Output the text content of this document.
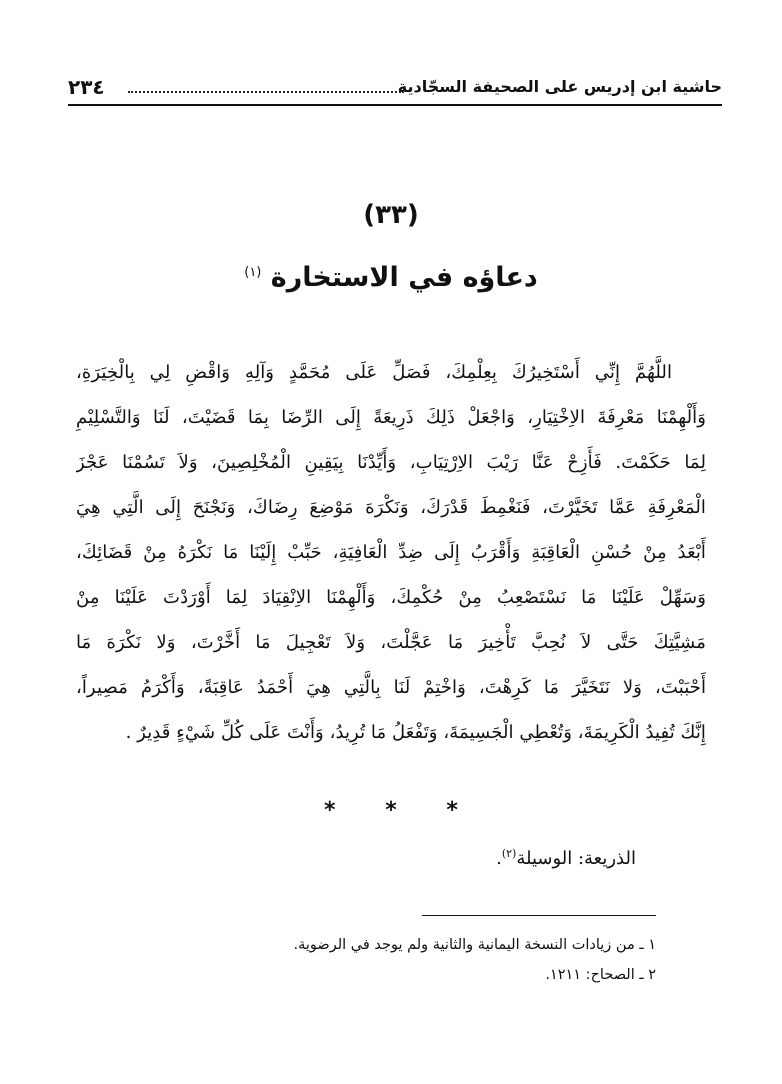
حاشية ابن إدريس على الصحيفة السجّادية
٢٣٤
(٣٣)
دعاؤه في الاستخارة $^{(١)}$
اللَّهُمَّ إِنِّي أَسْتَخِيرُكَ بِعِلْمِكَ، فَصَلِّ عَلَى مُحَمَّدٍ وَآلِهِ وَاقْضِ لِي بِالْخِيَرَةِ،
وَأَلْهِمْنَا مَعْرِفَةَ الاِخْتِيَارِ، وَاجْعَلْ ذَلِكَ ذَرِيعَةً إِلَى الرِّضَا بِمَا قَضَيْتَ، لَنَا وَالتَّسْلِيْمِ
لِمَا حَكَمْتَ. فَأَزِحْ عَنَّا رَيْبَ الاِرْتِيَابِ، وَأَيِّدْنَا بِيَقِينِ الْمُخْلِصِينَ، وَلاَ تَسُمْنَا عَجْزَ
الْمَعْرِفَةِ عَمَّا تَخَيَّرْتَ، فَنَغْمِطَ قَدْرَكَ، وَنَكْرَهَ مَوْضِعَ رِضَاكَ، وَنَجْنَحَ إِلَى الَّتِي هِيَ
أَبْعَدُ مِنْ حُسْنِ الْعَاقِبَةِ وَأَقْرَبُ إِلَى ضِدِّ الْعَافِيَةِ، حَبِّبْ إِلَيْنَا مَا نَكْرَهُ مِنْ قَضَائِكَ،
وَسَهِّلْ عَلَيْنَا مَا نَسْتَصْعِبُ مِنْ حُكْمِكَ، وَأَلْهِمْنَا الاِنْقِيَادَ لِمَا أَوْرَدْتَ عَلَيْنَا مِنْ
مَشِيَّتِكَ حَتَّى لاَ نُحِبَّ تَأْخِيرَ مَا عَجَّلْتَ، وَلاَ تَعْجِيلَ مَا أَخَّرْتَ، وَلا نَكْرَهَ مَا
أَحْبَبْتَ، وَلا نَتَخَيَّرَ مَا كَرِهْتَ، وَاخْتِمْ لَنَا بِالَّتِي هِيَ أَحْمَدُ عَاقِبَةً، وَأَكْرَمُ مَصِيراً،
إِنَّكَ تُفِيدُ الْكَرِيمَةَ، وَتُعْطِي الْجَسِيمَةَ، وَتَفْعَلُ مَا تُرِيدُ، وَأَنْتَ عَلَى كُلِّ شَيْءٍ قَدِيرٌ .
* * *
الذريعة: الوسيلة$^{(٢)}$.
١ ـ من زيادات النسخة اليمانية والثانية ولم يوجد في الرضوية.
٢ ـ الصحاح: ١٢١١.
